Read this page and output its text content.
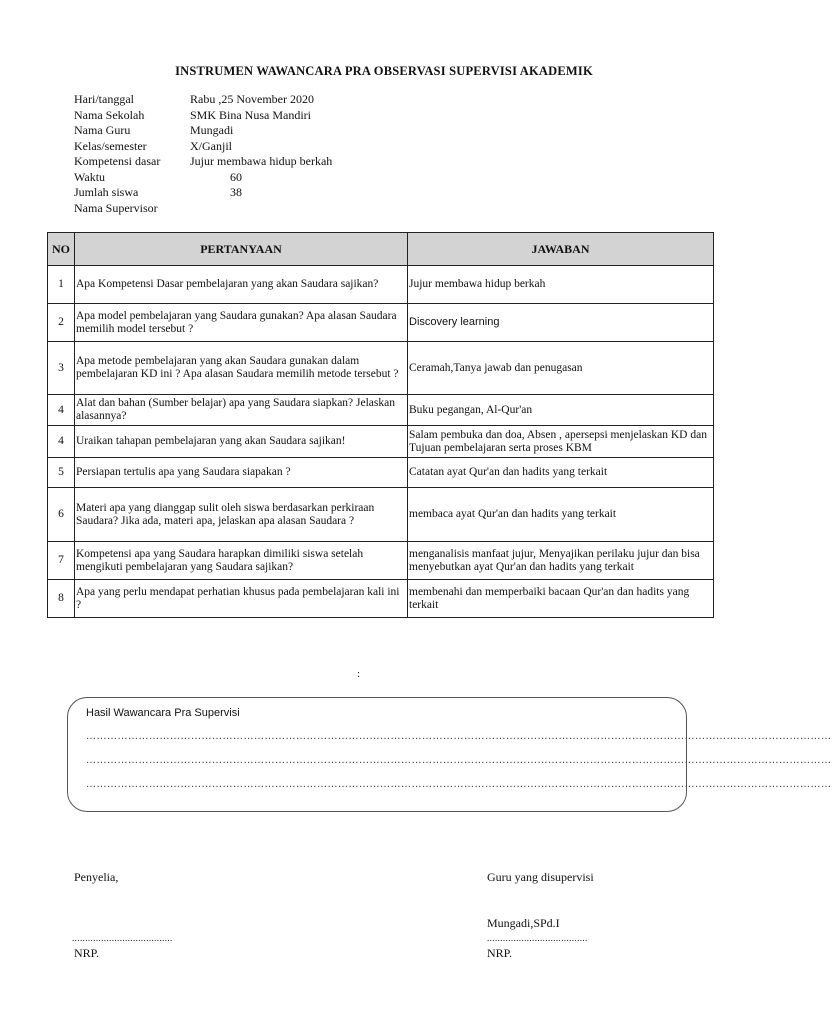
INSTRUMEN WAWANCARA PRA OBSERVASI SUPERVISI AKADEMIK
Hari/tanggal	Rabu ,25 November 2020
Nama Sekolah	SMK Bina Nusa Mandiri
Nama Guru	Mungadi
Kelas/semester	X/Ganjil
Kompetensi dasar	Jujur membawa hidup berkah
Waktu	60
Jumlah siswa	38
Nama Supervisor
NO	PERTANYAAN	JAWABAN
1	Apa Kompetensi Dasar pembelajaran yang akan Saudara sajikan?	Jujur membawa hidup berkah
2	Apa model pembelajaran yang Saudara gunakan? Apa alasan Saudara memilih model tersebut ?	Discovery learning
3	Apa metode pembelajaran yang akan Saudara gunakan dalam pembelajaran KD ini ? Apa alasan Saudara memilih metode tersebut ?	Ceramah,Tanya jawab dan penugasan
4	Alat dan bahan (Sumber belajar) apa yang Saudara siapkan? Jelaskan alasannya?	Buku pegangan, Al-Qur'an
4	Uraikan tahapan pembelajaran yang akan Saudara sajikan!	Salam pembuka dan doa, Absen , apersepsi menjelaskan KD dan Tujuan pembelajaran serta proses KBM
5	Persiapan tertulis apa yang Saudara siapakan ?	Catatan ayat Qur'an dan hadits yang terkait
6	Materi apa yang dianggap sulit oleh siswa berdasarkan perkiraan Saudara? Jika ada, materi apa, jelaskan apa alasan Saudara ?	membaca ayat Qur'an dan hadits yang terkait
7	Kompetensi apa yang Saudara harapkan dimiliki siswa setelah mengikuti pembelajaran yang Saudara sajikan?	menganalisis manfaat jujur, Menyajikan perilaku jujur dan bisa menyebutkan ayat Qur'an dan hadits yang terkait
8	Apa yang perlu mendapat perhatian khusus pada pembelajaran kali ini ?	membenahi dan memperbaiki bacaan Qur'an dan hadits yang terkait
:
Hasil Wawancara Pra Supervisi
……………………………………………………………………………………………………………………………………………………………………………………………
……………………………………………………………………………………………………………………………………………………………………………………………
……………………………………………………………………………………………………………………………………………………………………………………………
Penyelia,
......................................
NRP.
Guru yang disupervisi
Mungadi,SPd.I
......................................
NRP.
